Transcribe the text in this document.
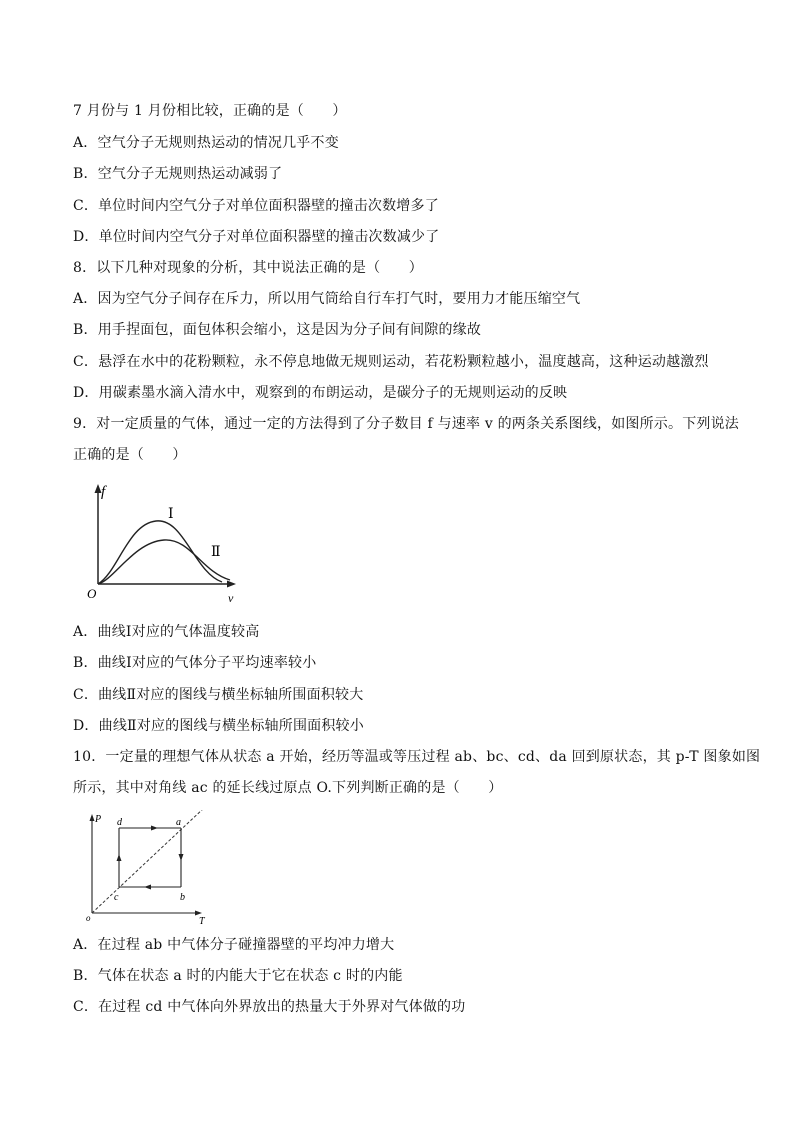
7 月份与 1 月份相比较，正确的是（　　）
A．空气分子无规则热运动的情况几乎不变
B．空气分子无规则热运动减弱了
C．单位时间内空气分子对单位面积器壁的撞击次数增多了
D．单位时间内空气分子对单位面积器壁的撞击次数减少了
8．以下几种对现象的分析，其中说法正确的是（　　）
A．因为空气分子间存在斥力，所以用气筒给自行车打气时，要用力才能压缩空气
B．用手捏面包，面包体积会缩小，这是因为分子间有间隙的缘故
C．悬浮在水中的花粉颗粒，永不停息地做无规则运动，若花粉颗粒越小，温度越高，这种运动越激烈
D．用碳素墨水滴入清水中，观察到的布朗运动，是碳分子的无规则运动的反映
9．对一定质量的气体，通过一定的方法得到了分子数目 f 与速率 v 的两条关系图线，如图所示。下列说法
正确的是（　　）
f
v
O
Ⅰ
Ⅱ
A．曲线Ⅰ对应的气体温度较高
B．曲线Ⅰ对应的气体分子平均速率较小
C．曲线Ⅱ对应的图线与横坐标轴所围面积较大
D．曲线Ⅱ对应的图线与横坐标轴所围面积较小
10．一定量的理想气体从状态 a 开始，经历等温或等压过程 ab、bc、cd、da 回到原状态，其 p-T 图象如图
所示，其中对角线 ac 的延长线过原点 O.下列判断正确的是（　　）
P
T
o
a
b
c
d
A．在过程 ab 中气体分子碰撞器壁的平均冲力增大
B．气体在状态 a 时的内能大于它在状态 c 时的内能
C．在过程 cd 中气体向外界放出的热量大于外界对气体做的功
